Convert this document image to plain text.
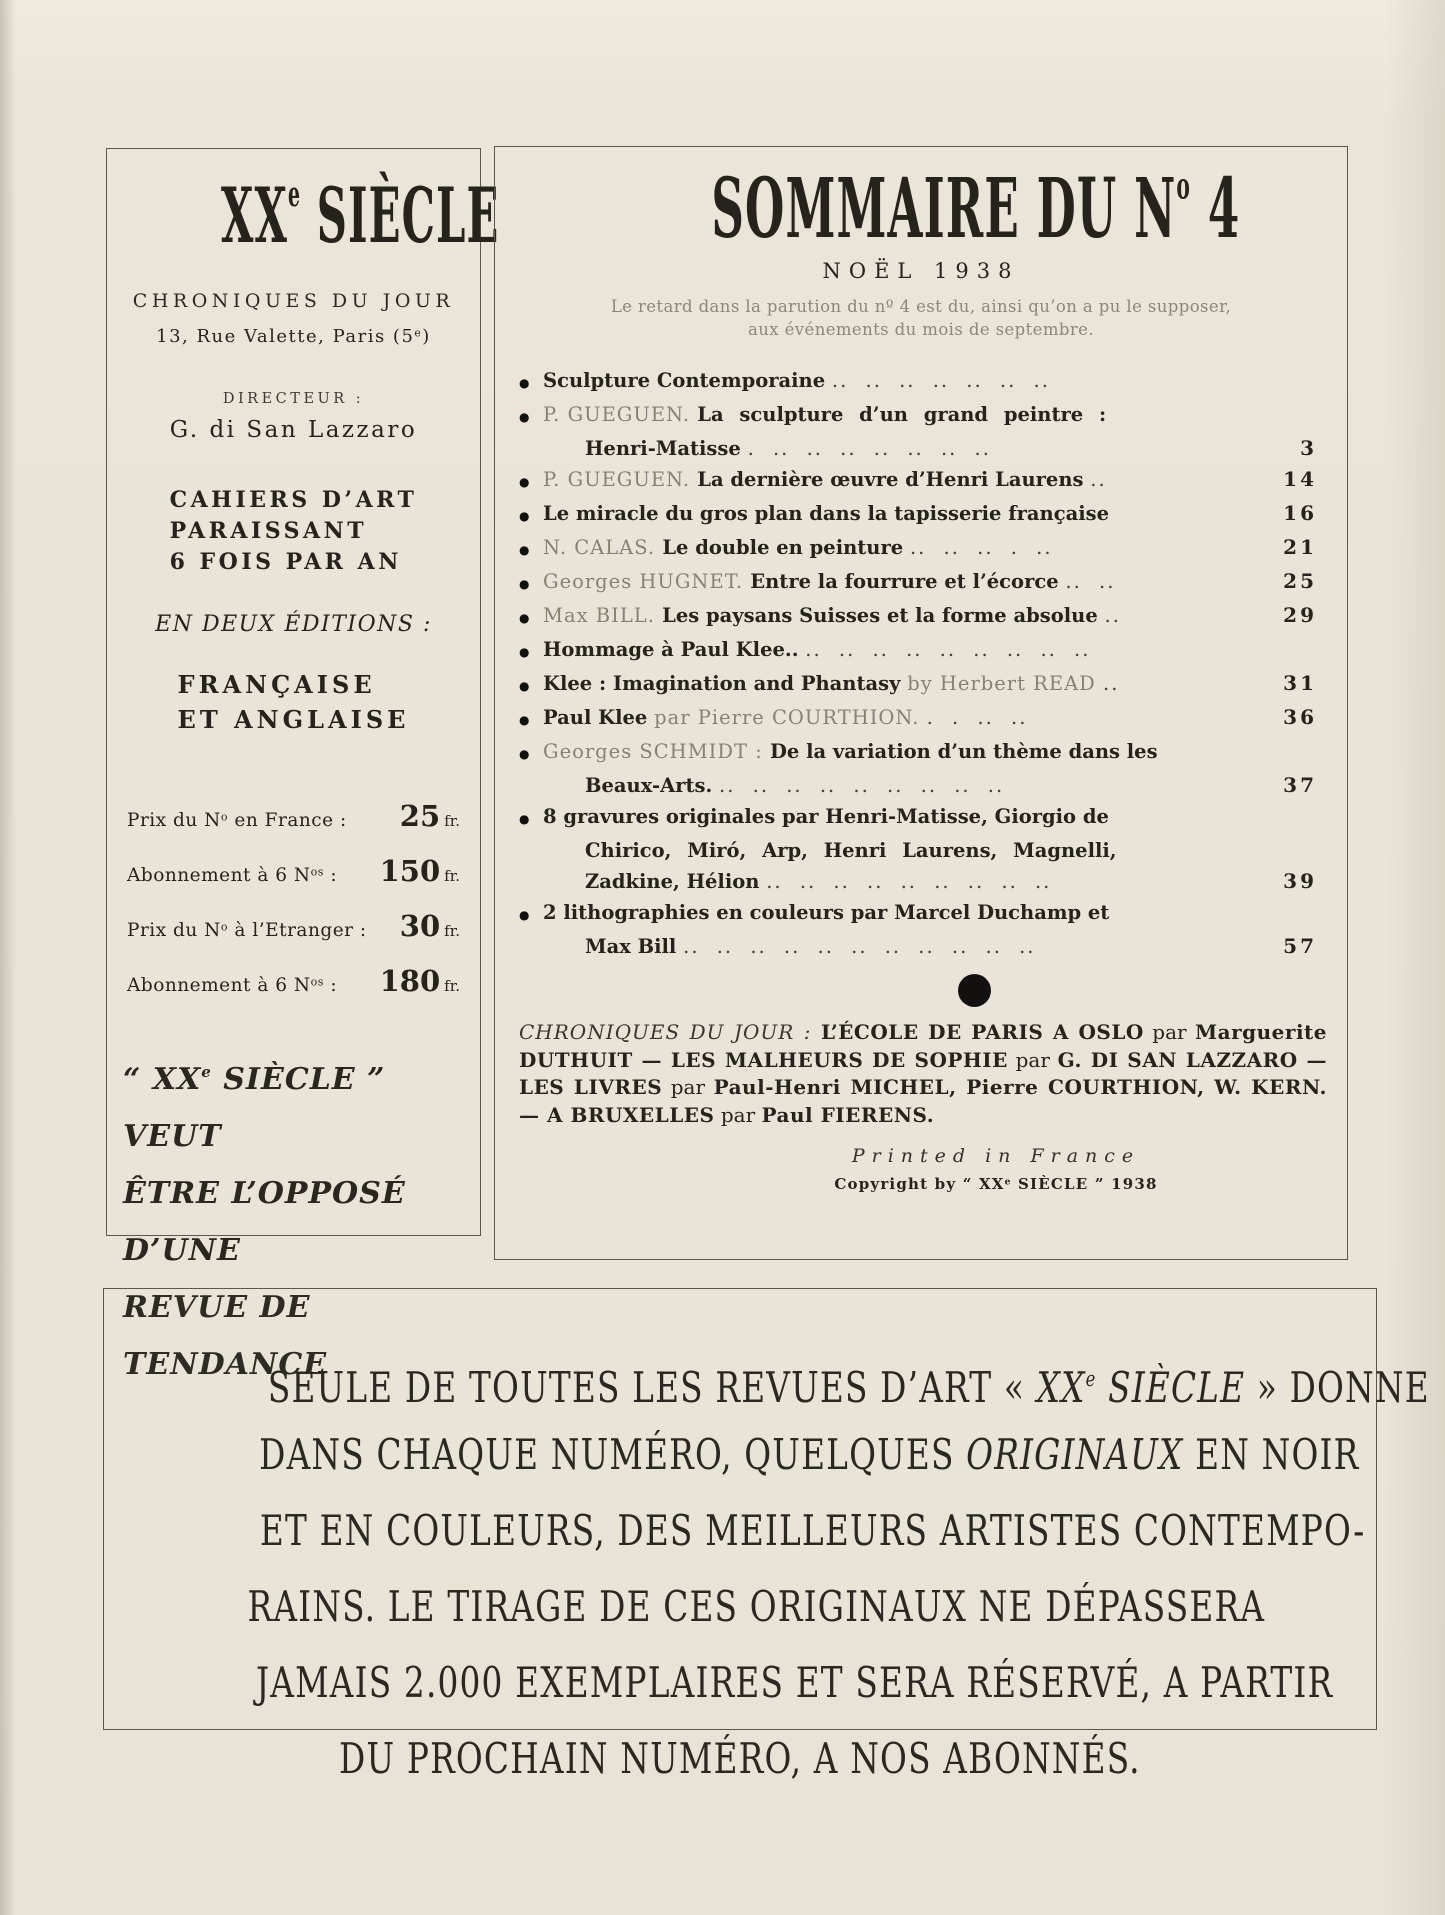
XXe SIÈCLE
CHRONIQUES DU JOUR
13, Rue Valette, Paris (5e)
DIRECTEUR :
G. di San Lazzaro
CAHIERS D’ART
PARAISSANT
6 FOIS PAR AN
EN DEUX ÉDITIONS :
FRANÇAISE
ET ANGLAISE
Prix du $N^o$ en France : 25 fr.
Abonnement à 6 $N^{os}$ : 150 fr.
Prix du $N^o$ à l’Etranger : 30 fr.
Abonnement à 6 $N^{os}$ : 180 fr.
“ XXe SIÈCLE ” VEUT
ÊTRE L’OPPOSÉ D’UNE
REVUE DE TENDANCE
SOMMAIRE DU $N^o$ 4
NOËL 1938
Le retard dans la parution du nº 4 est du, ainsi qu’on a pu le supposer,
aux événements du mois de septembre.
● Sculpture Contemporaine .. .. .. .. .. .. ..
● P. GUEGUEN. La sculpture d’un grand peintre :
Henri-Matisse . .. .. .. .. .. .. ..	3
● P. GUEGUEN. La dernière œuvre d’Henri Laurens ..	14
● Le miracle du gros plan dans la tapisserie française	16
● N. CALAS. Le double en peinture .. .. .. . ..	21
● Georges HUGNET. Entre la fourrure et l’écorce .. ..	25
● Max BILL. Les paysans Suisses et la forme absolue ..	29
● Hommage à Paul Klee.. .. .. .. .. .. .. .. .. ..
● Klee : Imagination and Phantasy by Herbert READ ..	31
● Paul Klee par Pierre COURTHION. . . .. ..	36
● Georges SCHMIDT : De la variation d’un thème dans les
Beaux-Arts. .. .. .. .. .. .. .. .. ..	37
● 8 gravures originales par Henri-Matisse, Giorgio de
Chirico, Miró, Arp, Henri Laurens, Magnelli,
Zadkine, Hélion .. .. .. .. .. .. .. .. ..	39
● 2 lithographies en couleurs par Marcel Duchamp et
Max Bill .. .. .. .. .. .. .. .. .. .. ..	57

CHRONIQUES DU JOUR : L’ÉCOLE DE PARIS A OSLO par Marguerite DUTHUIT — LES MALHEURS DE SOPHIE par G. DI SAN LAZZARO — LES LIVRES par Paul-Henri MICHEL, Pierre COURTHION, W. KERN. — A BRUXELLES par Paul FIERENS.

Printed in France
Copyright by “ XXe SIÈCLE ” 1938
SEULE DE TOUTES LES REVUES D’ART « XXe SIÈCLE » DONNE
DANS CHAQUE NUMÉRO, QUELQUES ORIGINAUX EN NOIR
ET EN COULEURS, DES MEILLEURS ARTISTES CONTEMPO-
RAINS. LE TIRAGE DE CES ORIGINAUX NE DÉPASSERA
JAMAIS 2.000 EXEMPLAIRES ET SERA RÉSERVÉ, A PARTIR
DU PROCHAIN NUMÉRO, A NOS ABONNÉS.
